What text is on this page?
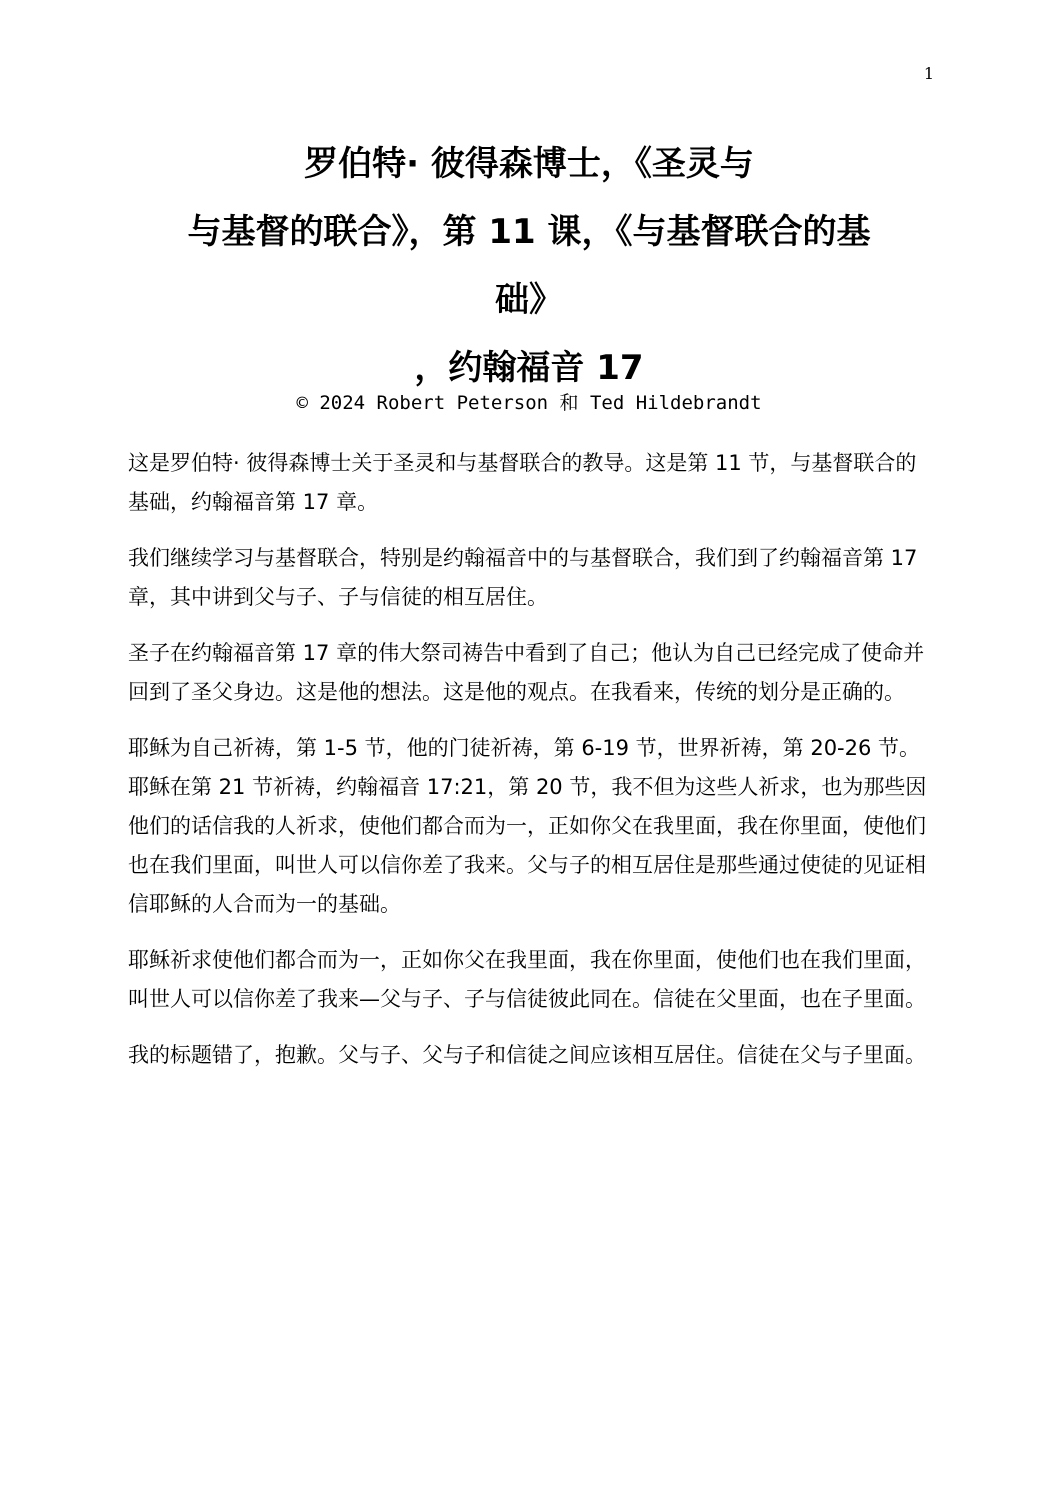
1
罗伯特· 彼得森博士，《圣灵与
与基督的联合》，第 11 课，《与基督联合的基
础》
，约翰福音 17
© 2024 Robert Peterson 和 Ted Hildebrandt

这是罗伯特· 彼得森博士关于圣灵和与基督联合的教导。这是第 11 节，与基督联合的基础，约翰福音第 17 章。

我们继续学习与基督联合，特别是约翰福音中的与基督联合，我们到了约翰福音第 17 章，其中讲到父与子、子与信徒的相互居住。

圣子在约翰福音第 17 章的伟大祭司祷告中看到了自己；他认为自己已经完成了使命并回到了圣父身边。这是他的想法。这是他的观点。在我看来，传统的划分是正确的。

耶稣为自己祈祷，第 1-5 节，他的门徒祈祷，第 6-19 节，世界祈祷，第 20-26 节。耶稣在第 21 节祈祷，约翰福音 17:21，第 20 节，我不但为这些人祈求，也为那些因他们的话信我的人祈求，使他们都合而为一，正如你父在我里面，我在你里面，使他们也在我们里面，叫世人可以信你差了我来。父与子的相互居住是那些通过使徒的见证相信耶稣的人合而为一的基础。

耶稣祈求使他们都合而为一，正如你父在我里面，我在你里面，使他们也在我们里面，叫世人可以信你差了我来—父与子、子与信徒彼此同在。信徒在父里面，也在子里面。

我的标题错了，抱歉。父与子、父与子和信徒之间应该相互居住。信徒在父与子里面。
